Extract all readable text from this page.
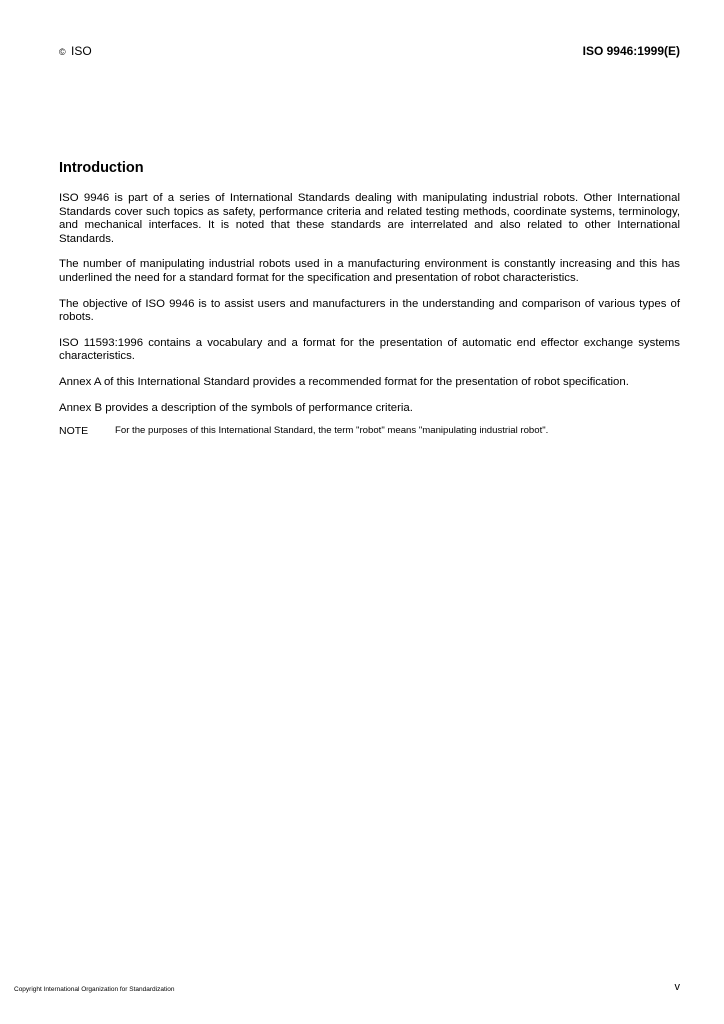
© ISO	ISO 9946:1999(E)
Introduction

ISO 9946 is part of a series of International Standards dealing with manipulating industrial robots. Other International Standards cover such topics as safety, performance criteria and related testing methods, coordinate systems, terminology, and mechanical interfaces. It is noted that these standards are interrelated and also related to other International Standards.

The number of manipulating industrial robots used in a manufacturing environment is constantly increasing and this has underlined the need for a standard format for the specification and presentation of robot characteristics.

The objective of ISO 9946 is to assist users and manufacturers in the understanding and comparison of various types of robots.

ISO 11593:1996 contains a vocabulary and a format for the presentation of automatic end effector exchange systems characteristics.

Annex A of this International Standard provides a recommended format for the presentation of robot specification.

Annex B provides a description of the symbols of performance criteria.

NOTE	For the purposes of this International Standard, the term "robot" means "manipulating industrial robot".
Copyright International Organization for Standardization	v
